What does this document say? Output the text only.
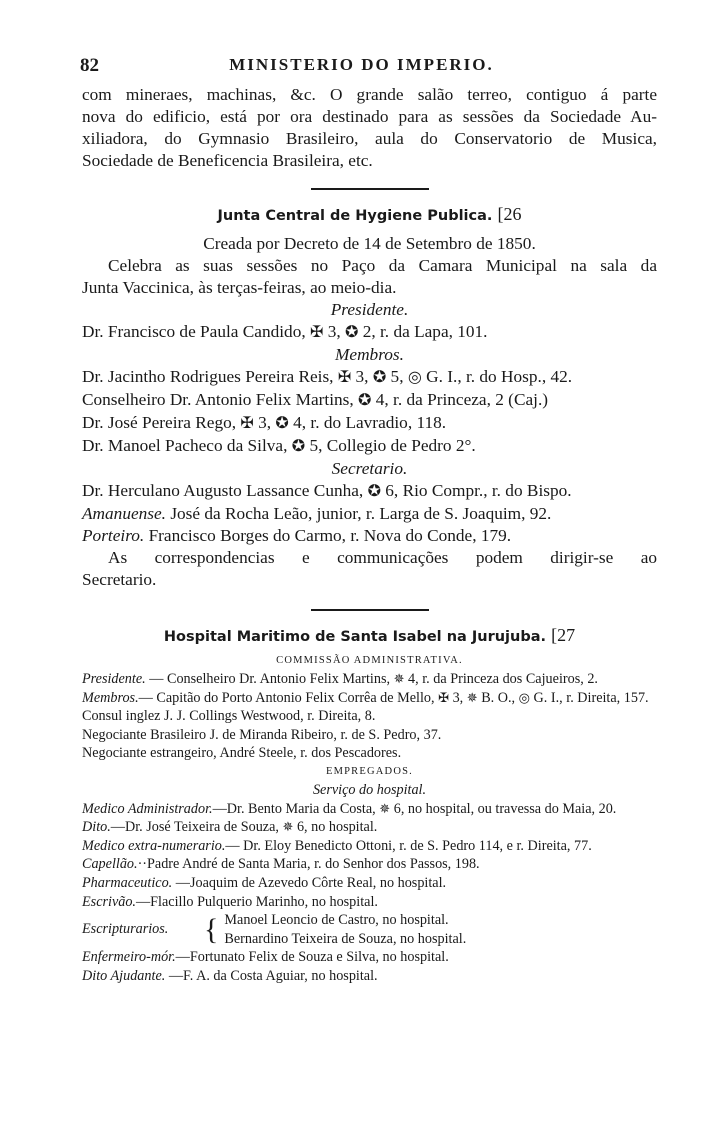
82	MINISTERIO DO IMPERIO.
com mineraes, machinas, &c. O grande salão terreo, contiguo á parte
nova do edificio, está por ora destinado para as sessões da Sociedade Au-
xiliadora, do Gymnasio Brasileiro, aula do Conservatorio de Musica,
Sociedade de Beneficencia Brasileira, etc.
Junta Central de Hygiene Publica. [26
Creada por Decreto de 14 de Setembro de 1850.
Celebra as suas sessões no Paço da Camara Municipal na sala da
Junta Vaccinica, às terças-feiras, ao meio-dia.
Presidente.
Dr. Francisco de Paula Candido, ✠ 3, ✪ 2, r. da Lapa, 101.
Membros.
Dr. Jacintho Rodrigues Pereira Reis, ✠ 3, ✪ 5, ◎ G. I., r. do Hosp., 42.
Conselheiro Dr. Antonio Felix Martins, ✪ 4, r. da Princeza, 2 (Caj.)
Dr. José Pereira Rego, ✠ 3, ✪ 4, r. do Lavradio, 118.
Dr. Manoel Pacheco da Silva, ✪ 5, Collegio de Pedro 2°.
Secretario.
Dr. Herculano Augusto Lassance Cunha, ✪ 6, Rio Compr., r. do Bispo.
Amanuense. José da Rocha Leão, junior, r. Larga de S. Joaquim, 92.
Porteiro. Francisco Borges do Carmo, r. Nova do Conde, 179.
As correspondencias e communicações podem dirigir-se ao
Secretario.
Hospital Maritimo de Santa Isabel na Jurujuba. [27
COMMISSÃO ADMINISTRATIVA.
Presidente. — Conselheiro Dr. Antonio Felix Martins, ✵ 4, r. da Princeza dos Cajueiros, 2.
Membros.— Capitão do Porto Antonio Felix Corrêa de Mello, ✠ 3, ✵ B. O., ◎ G. I., r. Direita, 157.
Consul inglez J. J. Collings Westwood, r. Direita, 8.
Negociante Brasileiro J. de Miranda Ribeiro, r. de S. Pedro, 37.
Negociante estrangeiro, André Steele, r. dos Pescadores.
EMPREGADOS.
Serviço do hospital.
Medico Administrador.—Dr. Bento Maria da Costa, ✵ 6, no hospital, ou travessa do Maia, 20.
Dito.—Dr. José Teixeira de Souza, ✵ 6, no hospital.
Medico extra-numerario.— Dr. Eloy Benedicto Ottoni, r. de S. Pedro 114, e r. Direita, 77.
Capellão.··Padre André de Santa Maria, r. do Senhor dos Passos, 198.
Pharmaceutico. —Joaquim de Azevedo Côrte Real, no hospital.
Escrivão.—Flacillo Pulquerio Marinho, no hospital.
Escripturarios.	{ Manoel Leoncio de Castro, no hospital.
Bernardino Teixeira de Souza, no hospital.
Enfermeiro-mór.—Fortunato Felix de Souza e Silva, no hospital.
Dito Ajudante. —F. A. da Costa Aguiar, no hospital.
